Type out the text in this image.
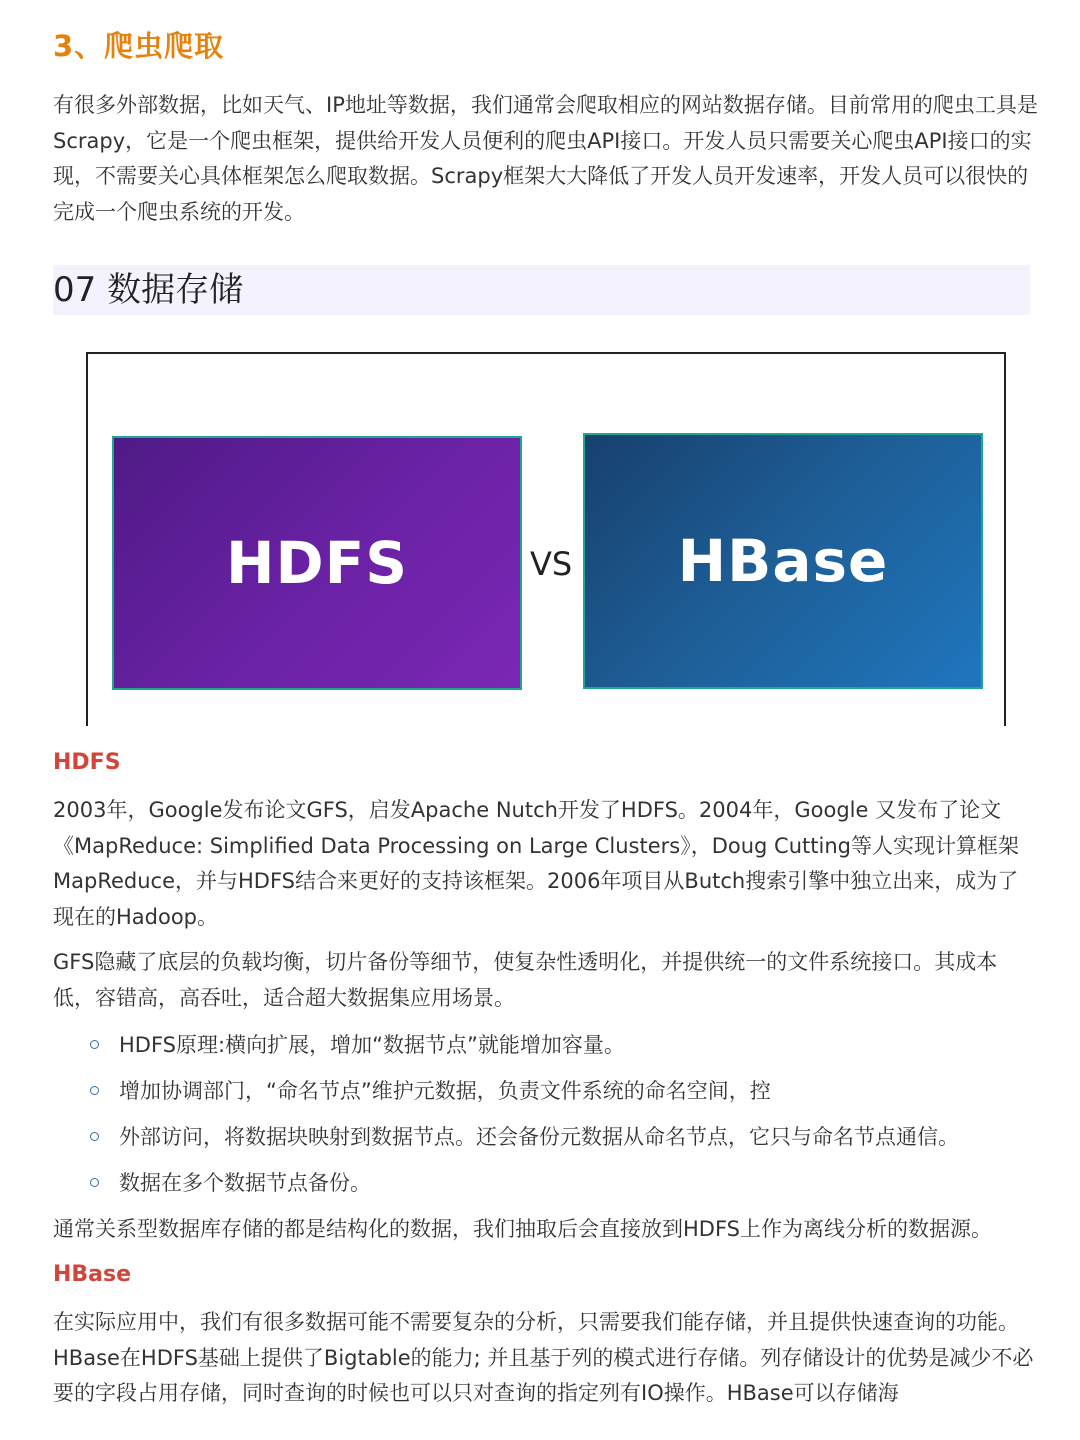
3、爬虫爬取

有很多外部数据，比如天气、IP地址等数据，我们通常会爬取相应的网站数据存储。目前常用的爬虫工具是Scrapy，它是一个爬虫框架，提供给开发人员便利的爬虫API接口。开发人员只需要关心爬虫API接口的实现，不需要关心具体框架怎么爬取数据。Scrapy框架大大降低了开发人员开发速率，开发人员可以很快的完成一个爬虫系统的开发。

07 数据存储
HDFS	VS HBase
HDFS

2003年，Google发布论文GFS，启发Apache Nutch开发了HDFS。2004年，Google 又发布了论文《MapReduce: Simplified Data Processing on Large Clusters》，Doug Cutting等人实现计算框架MapReduce，并与HDFS结合来更好的支持该框架。2006年项目从Butch搜索引擎中独立出来，成为了现在的Hadoop。

GFS隐藏了底层的负载均衡，切片备份等细节，使复杂性透明化，并提供统一的文件系统接口。其成本低，容错高，高吞吐，适合超大数据集应用场景。

HDFS原理:横向扩展，增加“数据节点”就能增加容量。
增加协调部门，“命名节点”维护元数据，负责文件系统的命名空间，控
外部访问，将数据块映射到数据节点。还会备份元数据从命名节点，它只与命名节点通信。
数据在多个数据节点备份。

通常关系型数据库存储的都是结构化的数据，我们抽取后会直接放到HDFS上作为离线分析的数据源。

HBase

在实际应用中，我们有很多数据可能不需要复杂的分析，只需要我们能存储，并且提供快速查询的功能。HBase在HDFS基础上提供了Bigtable的能力; 并且基于列的模式进行存储。列存储设计的优势是减少不必要的字段占用存储，同时查询的时候也可以只对查询的指定列有IO操作。HBase可以存储海
